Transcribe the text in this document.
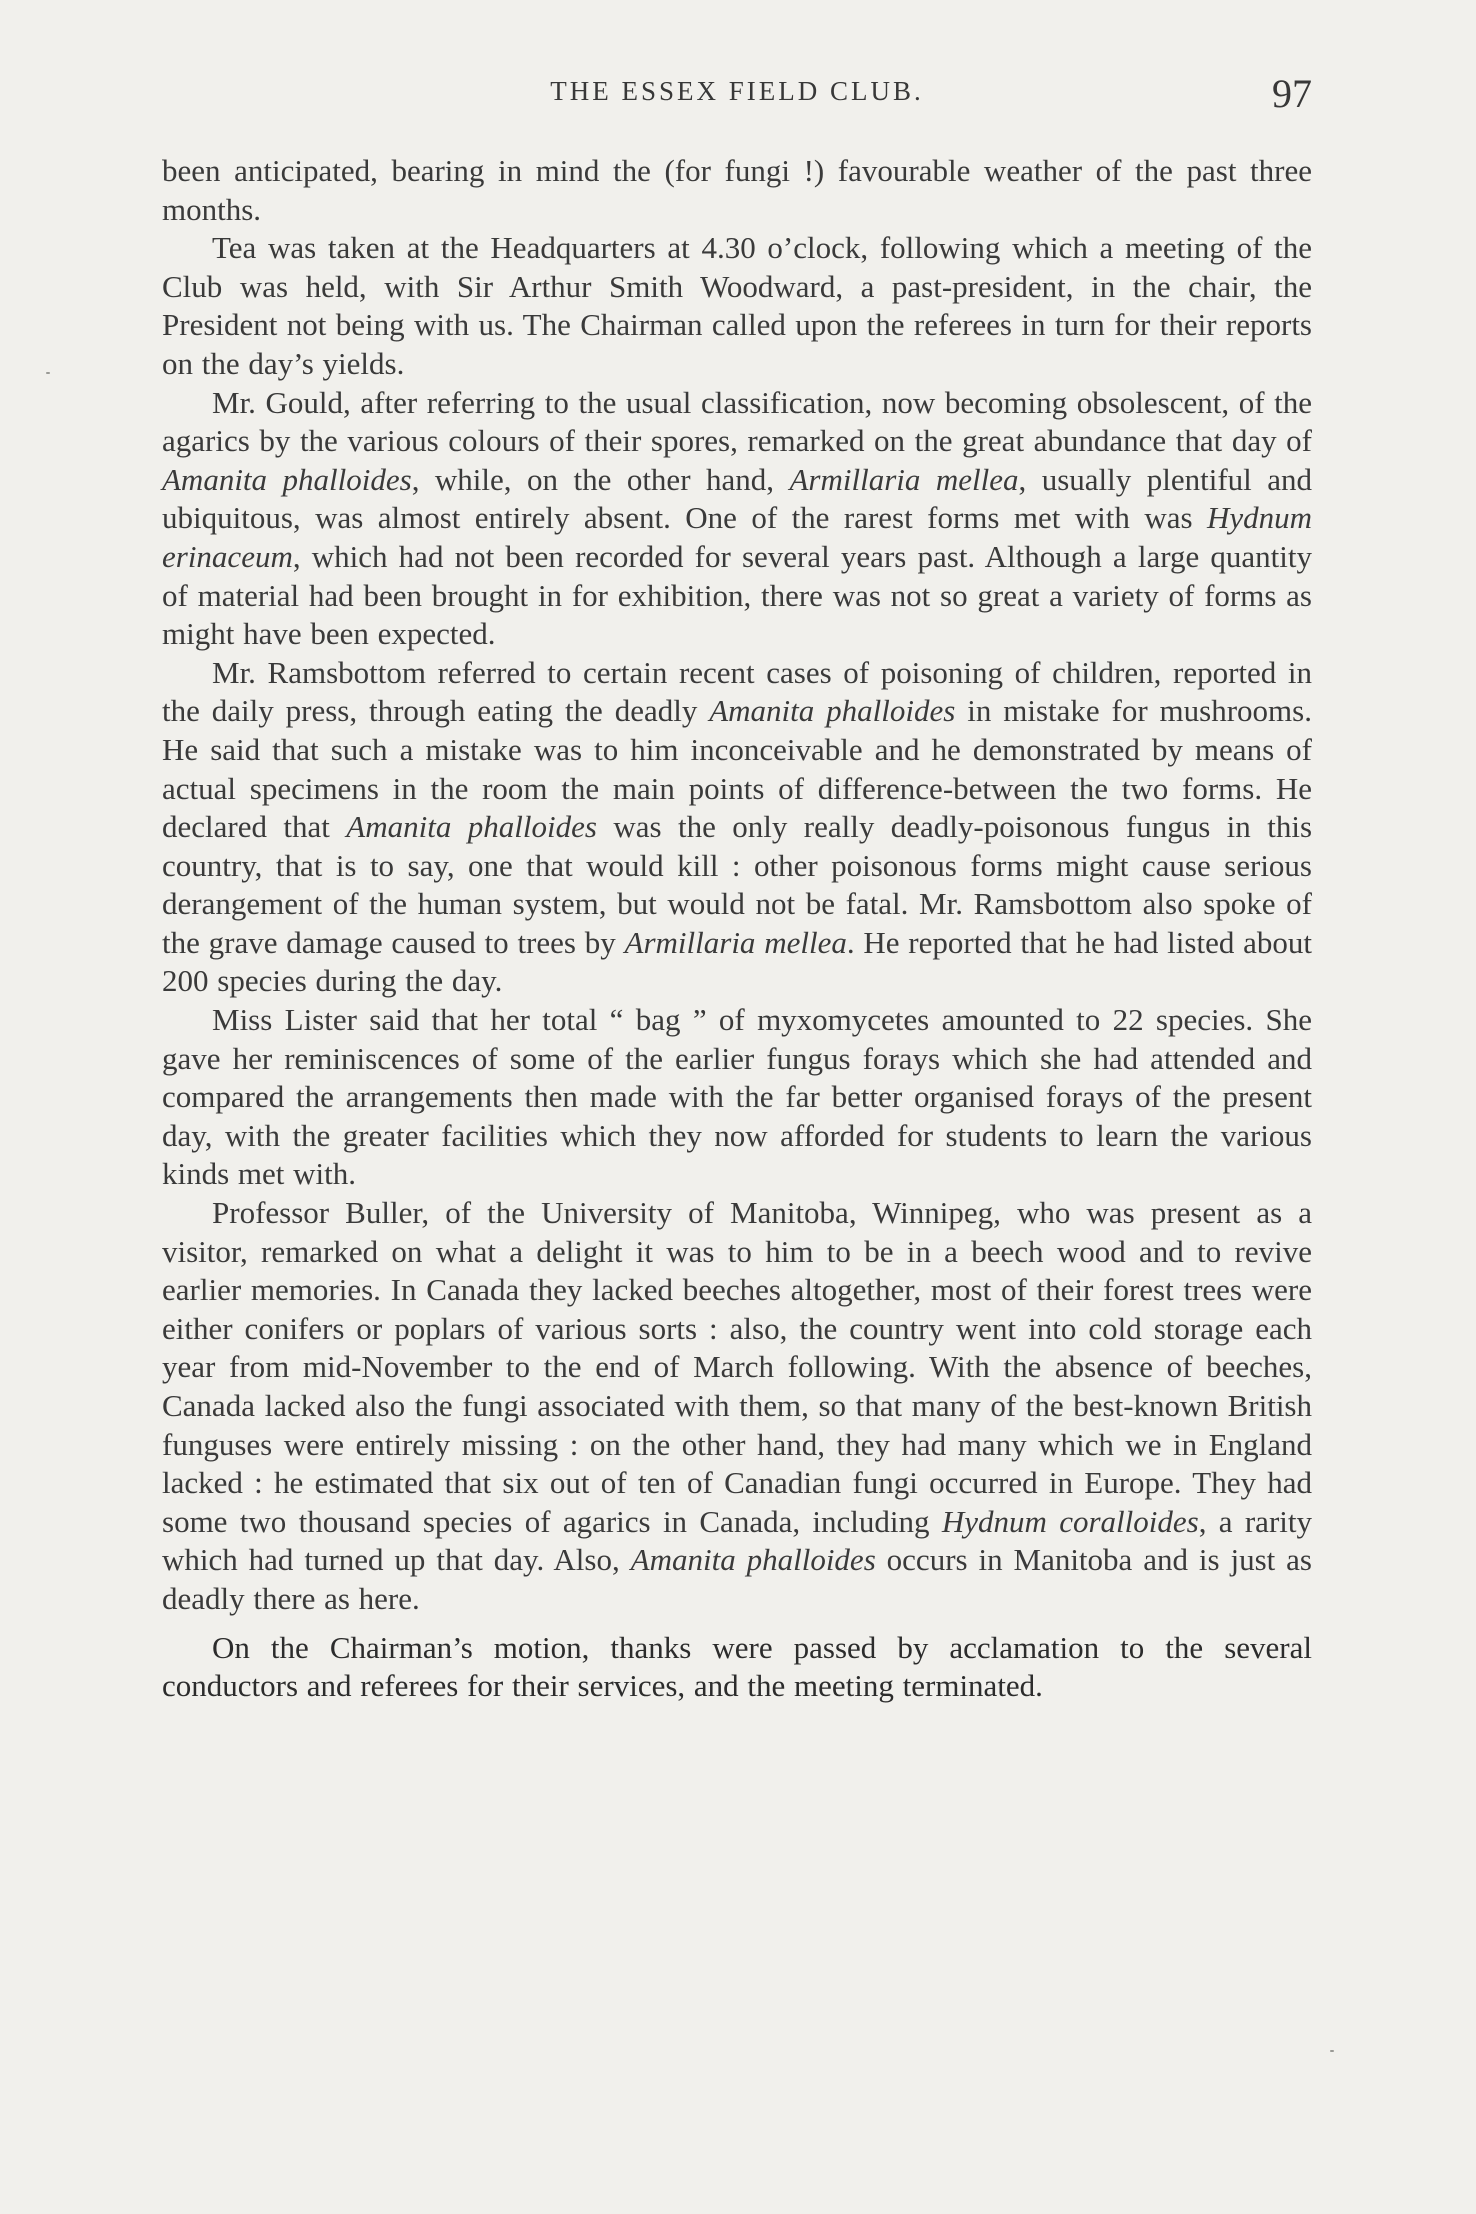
THE ESSEX FIELD CLUB.	97

been anticipated, bearing in mind the (for fungi !) favourable weather of the past three months.

Tea was taken at the Headquarters at 4.30 o’clock, following which a meeting of the Club was held, with Sir Arthur Smith Woodward, a past-president, in the chair, the President not being with us. The Chairman called upon the referees in turn for their reports on the day’s yields.

Mr. Gould, after referring to the usual classification, now becoming obsolescent, of the agarics by the various colours of their spores, remarked on the great abundance that day of Amanita phalloides, while, on the other hand, Armillaria mellea, usually plentiful and ubiquitous, was almost entirely absent. One of the rarest forms met with was Hydnum erinaceum, which had not been recorded for several years past. Although a large quantity of material had been brought in for exhibition, there was not so great a variety of forms as might have been expected.

Mr. Ramsbottom referred to certain recent cases of poisoning of children, reported in the daily press, through eating the deadly Amanita phalloides in mistake for mushrooms. He said that such a mistake was to him inconceivable and he demonstrated by means of actual specimens in the room the main points of difference-between the two forms. He declared that Amanita phalloides was the only really deadly-poisonous fungus in this country, that is to say, one that would kill : other poisonous forms might cause serious derangement of the human system, but would not be fatal. Mr. Ramsbottom also spoke of the grave damage caused to trees by Armillaria mellea. He reported that he had listed about 200 species during the day.

Miss Lister said that her total “ bag ” of myxomycetes amounted to 22 species. She gave her reminiscences of some of the earlier fungus forays which she had attended and compared the arrangements then made with the far better organised forays of the present day, with the greater facilities which they now afforded for students to learn the various kinds met with.

Professor Buller, of the University of Manitoba, Winnipeg, who was present as a visitor, remarked on what a delight it was to him to be in a beech wood and to revive earlier memories. In Canada they lacked beeches altogether, most of their forest trees were either conifers or poplars of various sorts : also, the country went into cold storage each year from mid-November to the end of March following. With the absence of beeches, Canada lacked also the fungi associated with them, so that many of the best-known British funguses were entirely missing : on the other hand, they had many which we in England lacked : he estimated that six out of ten of Canadian fungi occurred in Europe. They had some two thousand species of agarics in Canada, including Hydnum coralloides, a rarity which had turned up that day. Also, Amanita phalloides occurs in Manitoba and is just as deadly there as here.

On the Chairman’s motion, thanks were passed by acclamation to the several conductors and referees for their services, and the meeting terminated.
